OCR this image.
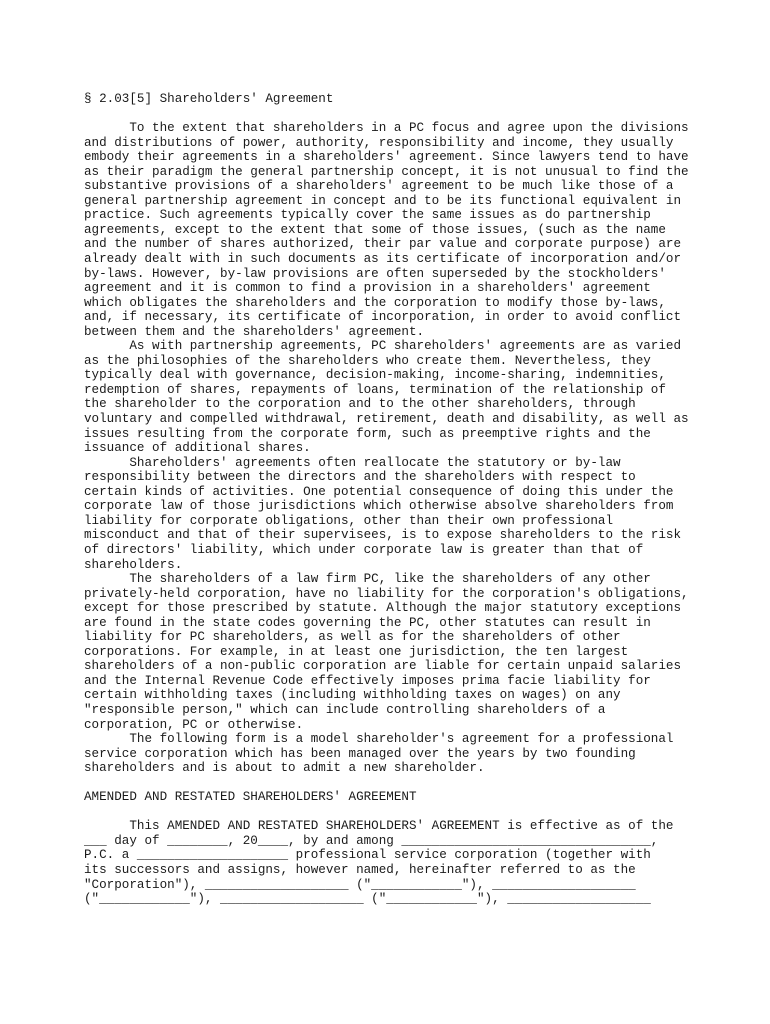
§ 2.03[5] Shareholders' Agreement
To the extent that shareholders in a PC focus and agree upon the divisions
and distributions of power, authority, responsibility and income, they usually
embody their agreements in a shareholders' agreement. Since lawyers tend to have
as their paradigm the general partnership concept, it is not unusual to find the
substantive provisions of a shareholders' agreement to be much like those of a
general partnership agreement in concept and to be its functional equivalent in
practice. Such agreements typically cover the same issues as do partnership
agreements, except to the extent that some of those issues, (such as the name
and the number of shares authorized, their par value and corporate purpose) are
already dealt with in such documents as its certificate of incorporation and/or
by-laws. However, by-law provisions are often superseded by the stockholders'
agreement and it is common to find a provision in a shareholders' agreement
which obligates the shareholders and the corporation to modify those by-laws,
and, if necessary, its certificate of incorporation, in order to avoid conflict
between them and the shareholders' agreement.
As with partnership agreements, PC shareholders' agreements are as varied
as the philosophies of the shareholders who create them. Nevertheless, they
typically deal with governance, decision-making, income-sharing, indemnities,
redemption of shares, repayments of loans, termination of the relationship of
the shareholder to the corporation and to the other shareholders, through
voluntary and compelled withdrawal, retirement, death and disability, as well as
issues resulting from the corporate form, such as preemptive rights and the
issuance of additional shares.
Shareholders' agreements often reallocate the statutory or by-law
responsibility between the directors and the shareholders with respect to
certain kinds of activities. One potential consequence of doing this under the
corporate law of those jurisdictions which otherwise absolve shareholders from
liability for corporate obligations, other than their own professional
misconduct and that of their supervisees, is to expose shareholders to the risk
of directors' liability, which under corporate law is greater than that of
shareholders.
The shareholders of a law firm PC, like the shareholders of any other
privately-held corporation, have no liability for the corporation's obligations,
except for those prescribed by statute. Although the major statutory exceptions
are found in the state codes governing the PC, other statutes can result in
liability for PC shareholders, as well as for the shareholders of other
corporations. For example, in at least one jurisdiction, the ten largest
shareholders of a non-public corporation are liable for certain unpaid salaries
and the Internal Revenue Code effectively imposes prima facie liability for
certain withholding taxes (including withholding taxes on wages) on any
"responsible person," which can include controlling shareholders of a
corporation, PC or otherwise.
The following form is a model shareholder's agreement for a professional
service corporation which has been managed over the years by two founding
shareholders and is about to admit a new shareholder.
AMENDED AND RESTATED SHAREHOLDERS' AGREEMENT
This AMENDED AND RESTATED SHAREHOLDERS' AGREEMENT is effective as of the
___ day of ________, 20____, by and among _________________________________,
P.C. a ____________________ professional service corporation (together with
its successors and assigns, however named, hereinafter referred to as the
"Corporation"), ___________________ ("____________"), ___________________
("____________"), ___________________ ("____________"), ___________________
